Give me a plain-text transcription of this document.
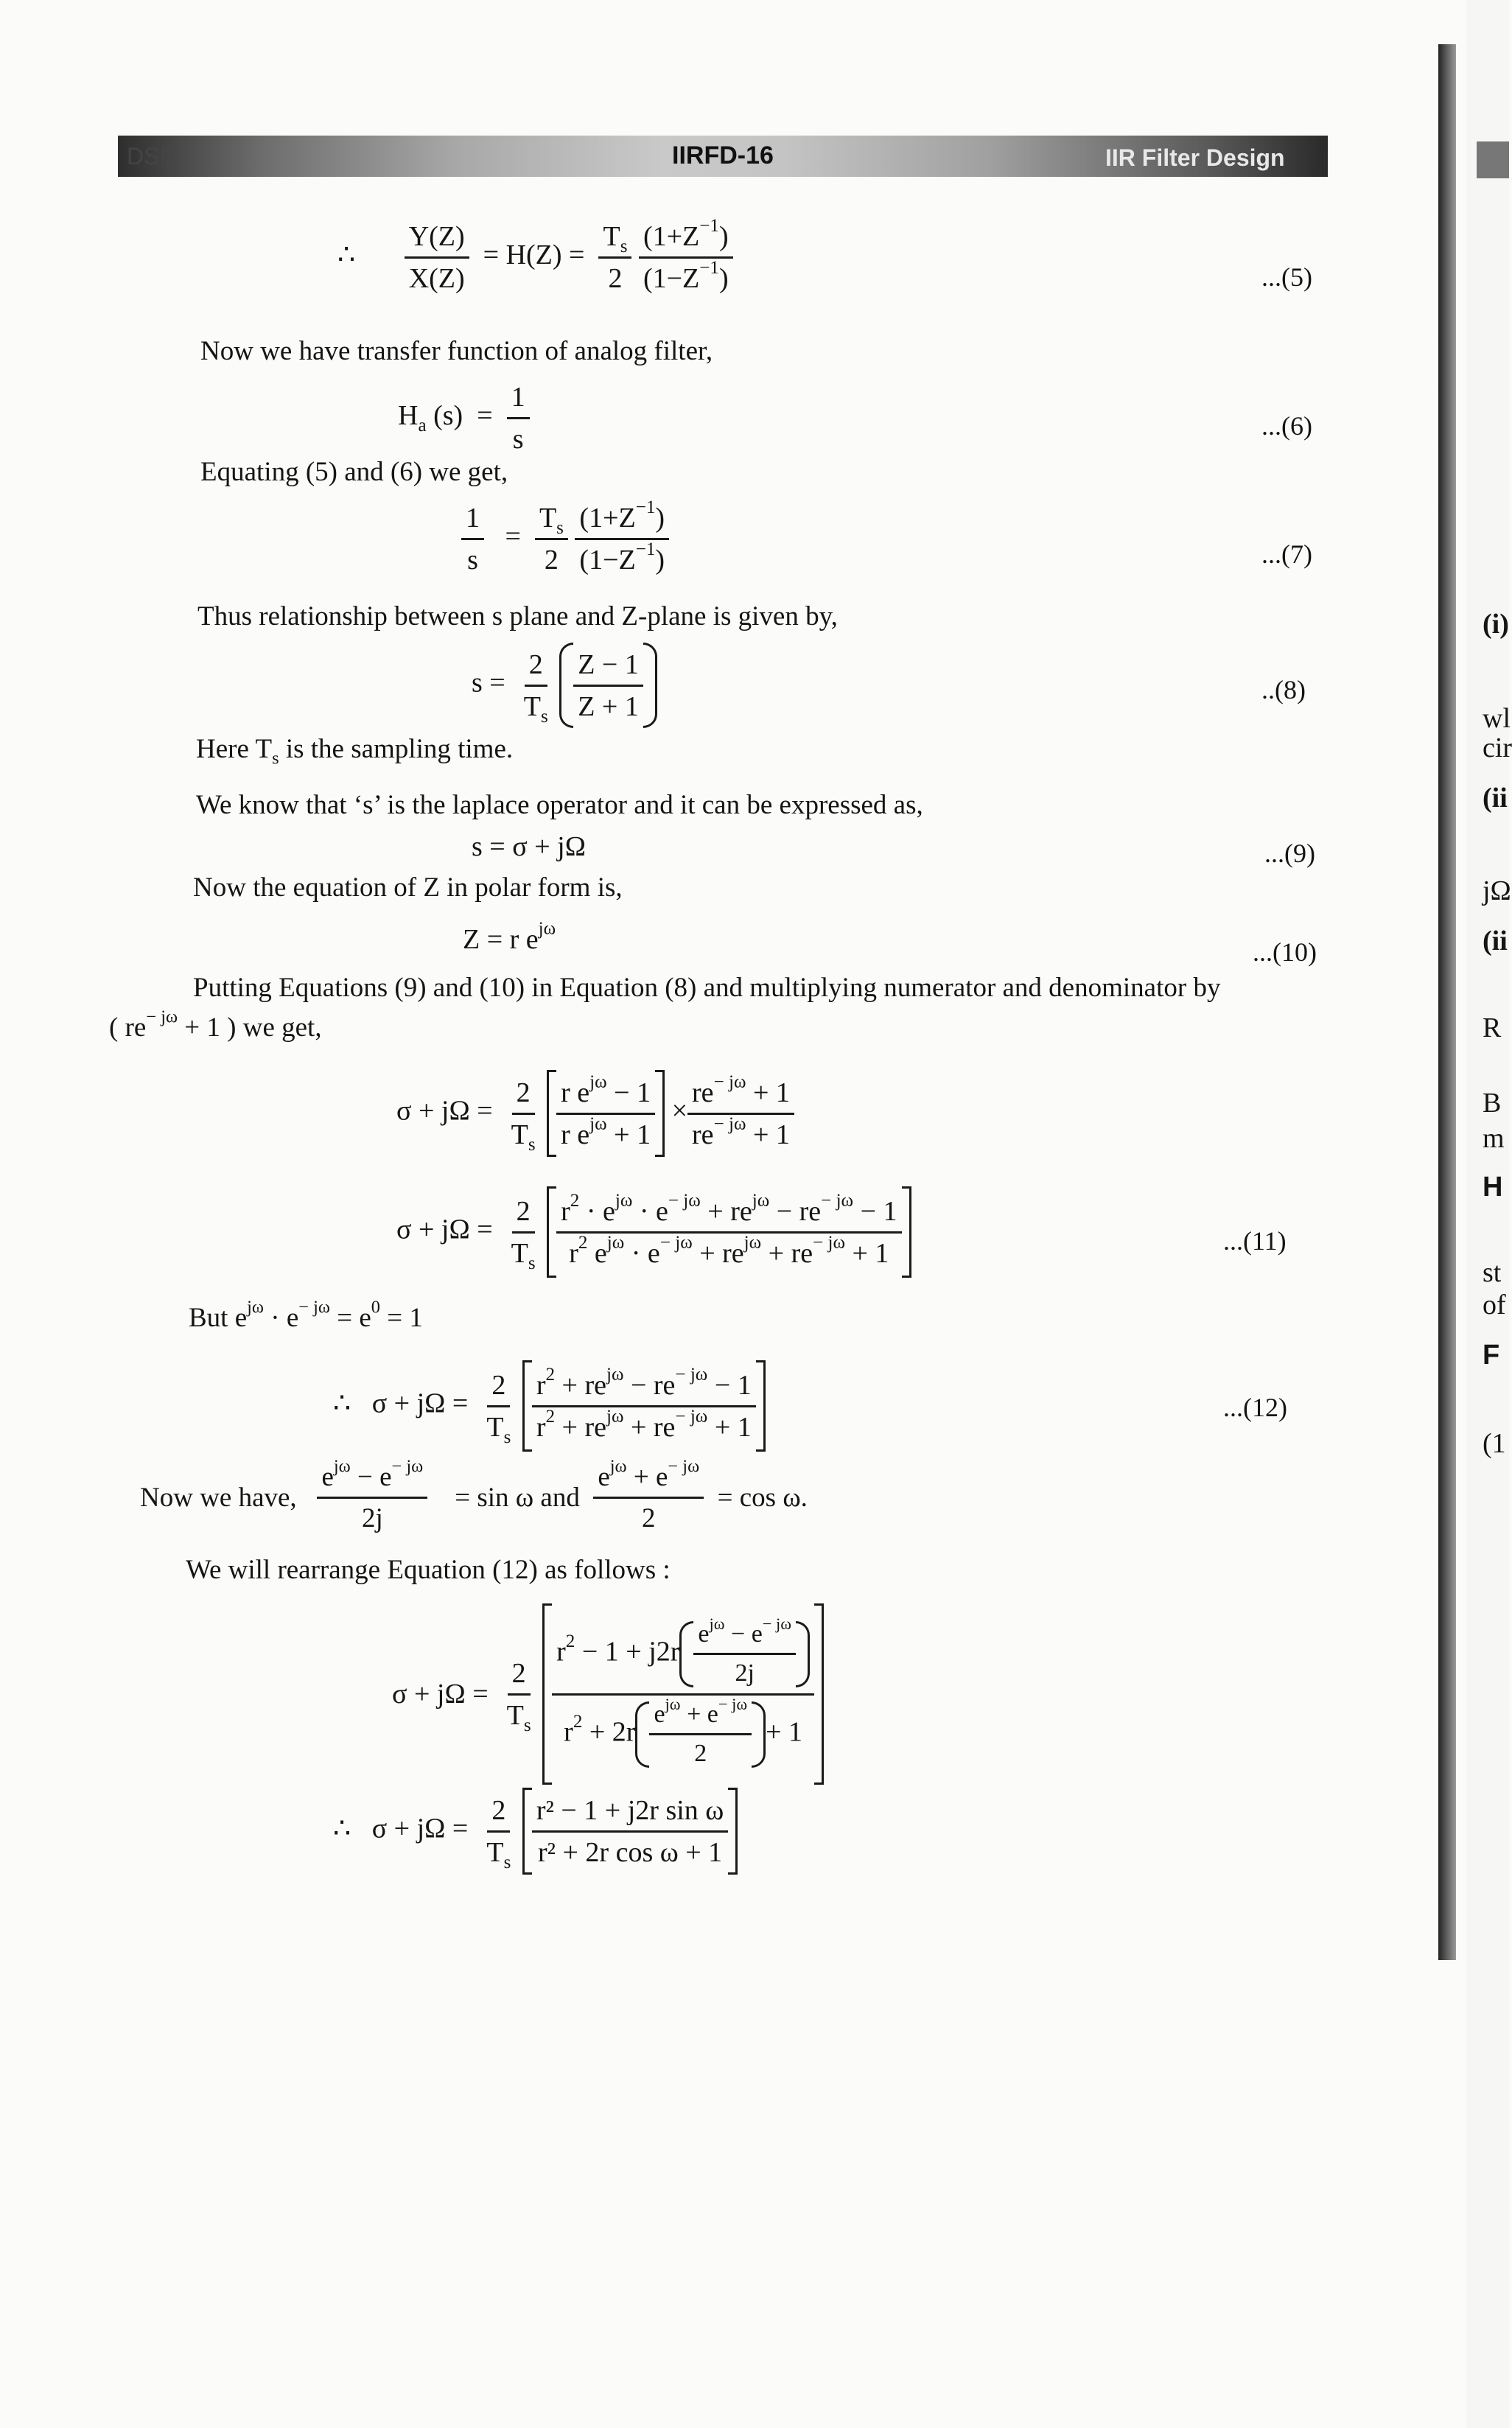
DSP	IIRFD-16	IIR Filter Design
∴ $\frac{Y(Z)}{X(Z)} = H(Z) = \frac{T_s}{2}$
$\frac{(1+Z^{-1})}{(1-Z^{-1})}$	...(5)
Now we have transfer function of analog filter,
$H_a$ $(s) = \frac{1}{s}$	...(6)
Equating (5) and (6) we get,
$\frac{1}{s} = \frac{T_s}{2}$
$\frac{(1+Z^{-1})}{(1-Z^{-1})}$	...(7)
Thus relationship between s plane and Z-plane is given by,
$s = \frac{2}{T_s}$
$\frac{Z - 1}{Z + 1}$	..(8)
Here $T_s$ is the sampling time.
We know that ‘s’ is the laplace operator and it can be expressed as,
s = σ + jΩ	...(9)
Now the equation of Z in polar form is,
Z = r $e^{j\omega}$
...(10)
Putting Equations (9) and (10) in Equation (8) and multiplying numerator and denominator by
( $re^{- j\omega} + 1$ ) we get,
$\sigma + j\Omega = \frac{2}{T_s}$
$\frac{r e^{j\omega} - 1}{r e^{j\omega} + 1} \times \frac{re^{- j\omega} + 1}{re^{- j\omega} + 1}$
$\sigma + j\Omega = \frac{2}{T_s}$
$\frac{r^2 \cdot e^{j\omega} \cdot e^{- j\omega} + re^{j\omega} - re^{- j\omega} - 1}{r^2 e^{j\omega} \cdot e^{- j\omega} + re^{j\omega} + re^{- j\omega} + 1}$	...(11)
But $e^{j\omega} \cdot e^{- j\omega} = e^0 = 1$
∴ $\sigma + j\Omega = \frac{2}{T_s}$
$\frac{r^2 + re^{j\omega} - re^{- j\omega} - 1}{r^2 + re^{j\omega} + re^{- j\omega} + 1}$	...(12)
Now we have, $\frac{e^{j\omega} - e^{- j\omega}}{2j} = \sin \omega$ and $\frac{e^{j\omega} + e^{- j\omega}}{2} = \cos \omega$.
We will rearrange Equation (12) as follows :
$\sigma + j\Omega = \frac{2}{T_s}$
$\frac{r^2 - 1 + j2r \frac{e^{j\omega} - e^{- j\omega}}{2j}}{r^2 + 2r \frac{e^{j\omega} + e^{- j\omega}}{2} + 1}$
∴ $\sigma + j\Omega = \frac{2}{T_s}$
$\frac{\text{r² − 1 + j2r sin ω}}{\text{r² + 2r cos ω + 1}}$
(i)
wl
cir
(ii
jΩ
(ii
R
B
m
H
st
of
F
(1
